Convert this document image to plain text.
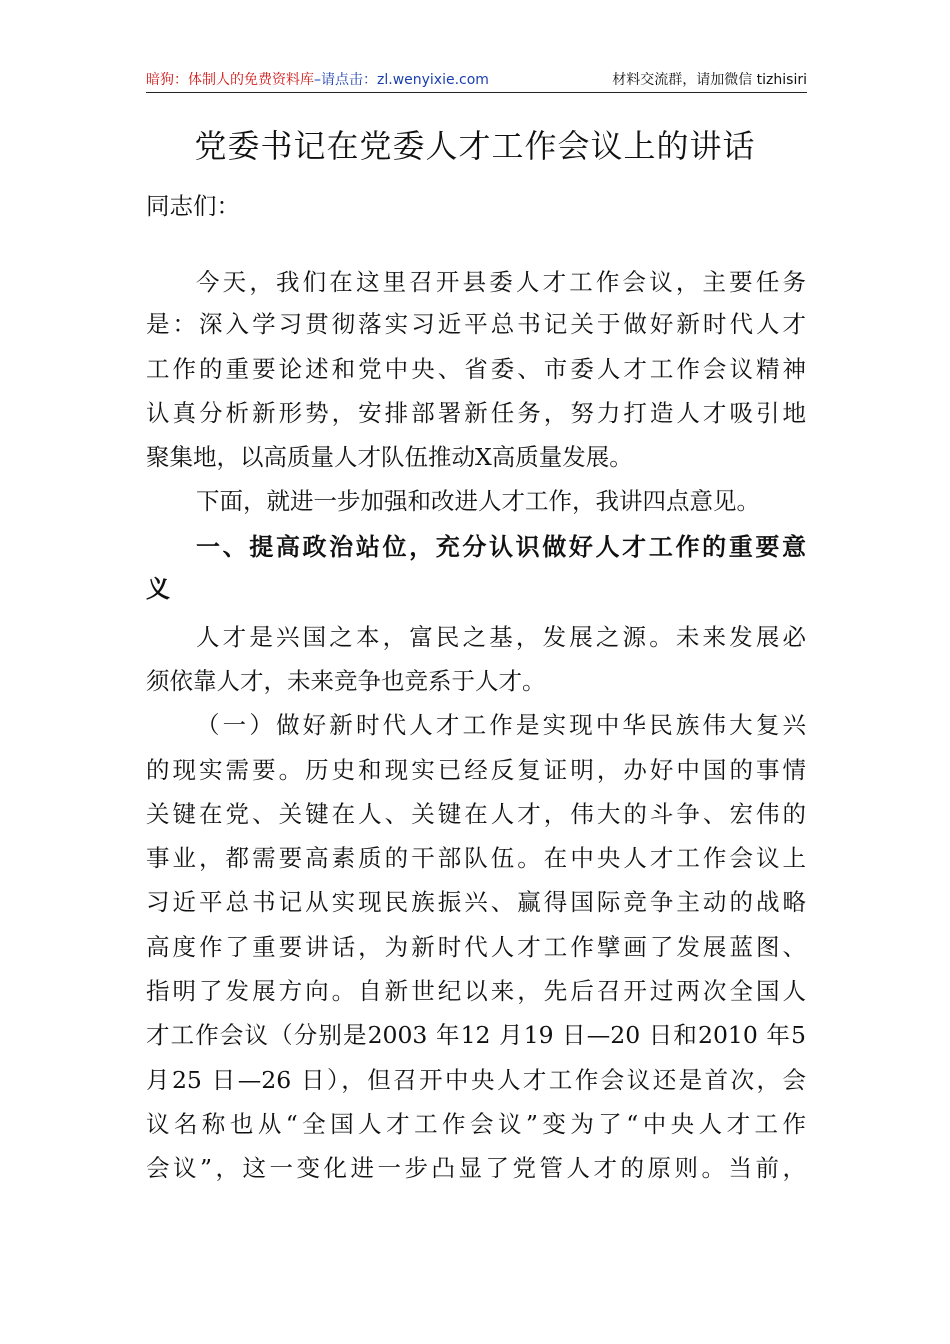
暗狗：体制人的免费资料库–请点击：zl.wenyixie.com	材料交流群，请加微信 tizhisiri
党委书记在党委人才工作会议上的讲话
同志们：
今天，我们在这里召开县委人才工作会议，主要任务
是：深入学习贯彻落实习近平总书记关于做好新时代人才
工作的重要论述和党中央、省委、市委人才工作会议精神
认真分析新形势，安排部署新任务，努力打造人才吸引地
聚集地，以高质量人才队伍推动X高质量发展。
下面，就进一步加强和改进人才工作，我讲四点意见。
一、提高政治站位，充分认识做好人才工作的重要意
义
人才是兴国之本，富民之基，发展之源。未来发展必
须依靠人才，未来竞争也竞系于人才。
（一）做好新时代人才工作是实现中华民族伟大复兴
的现实需要。历史和现实已经反复证明，办好中国的事情
关键在党、关键在人、关键在人才，伟大的斗争、宏伟的
事业，都需要高素质的干部队伍。在中央人才工作会议上
习近平总书记从实现民族振兴、赢得国际竞争主动的战略
高度作了重要讲话，为新时代人才工作擘画了发展蓝图、
指明了发展方向。自新世纪以来，先后召开过两次全国人
才工作会议（分别是2003 年12 月19 日—20 日和2010 年5
月25 日—26 日），但召开中央人才工作会议还是首次，会
议名称也从“全国人才工作会议”变为了“中央人才工作
会议”，这一变化进一步凸显了党管人才的原则。当前，
